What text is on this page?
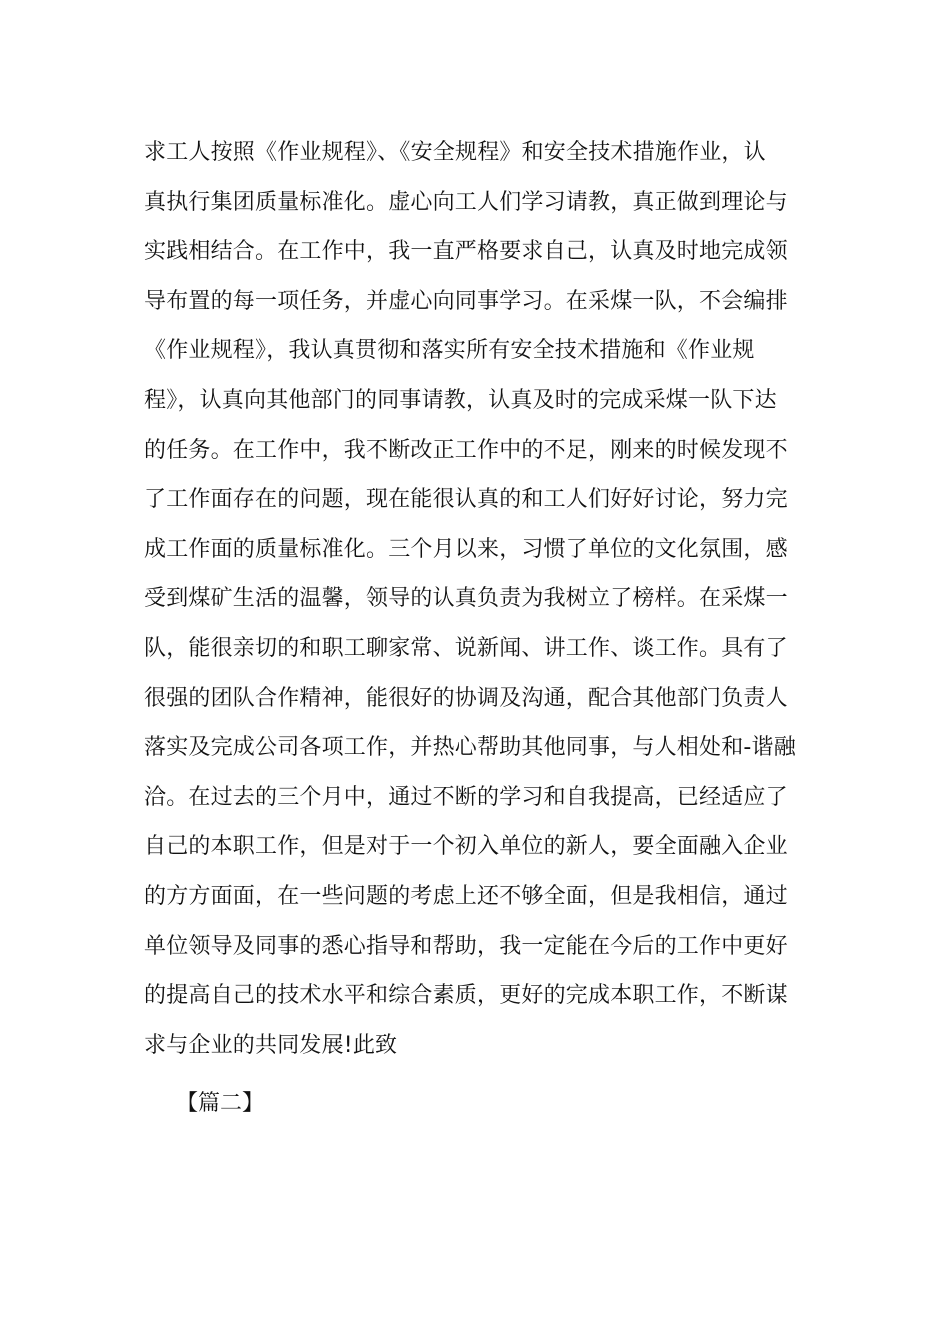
求工人按照《作业规程》、《安全规程》和安全技术措施作业，认
真执行集团质量标准化。虚心向工人们学习请教，真正做到理论与
实践相结合。在工作中，我一直严格要求自己，认真及时地完成领
导布置的每一项任务，并虚心向同事学习。在采煤一队，不会编排
《作业规程》，我认真贯彻和落实所有安全技术措施和《作业规
程》，认真向其他部门的同事请教，认真及时的完成采煤一队下达
的任务。在工作中，我不断改正工作中的不足，刚来的时候发现不
了工作面存在的问题，现在能很认真的和工人们好好讨论，努力完
成工作面的质量标准化。三个月以来，习惯了单位的文化氛围，感
受到煤矿生活的温馨，领导的认真负责为我树立了榜样。在采煤一
队，能很亲切的和职工聊家常、说新闻、讲工作、谈工作。具有了
很强的团队合作精神，能很好的协调及沟通，配合其他部门负责人
落实及完成公司各项工作，并热心帮助其他同事，与人相处和-谐融
洽。在过去的三个月中，通过不断的学习和自我提高，已经适应了
自己的本职工作，但是对于一个初入单位的新人，要全面融入企业
的方方面面，在一些问题的考虑上还不够全面，但是我相信，通过
单位领导及同事的悉心指导和帮助，我一定能在今后的工作中更好
的提高自己的技术水平和综合素质，更好的完成本职工作，不断谋
求与企业的共同发展!此致
【篇二】
